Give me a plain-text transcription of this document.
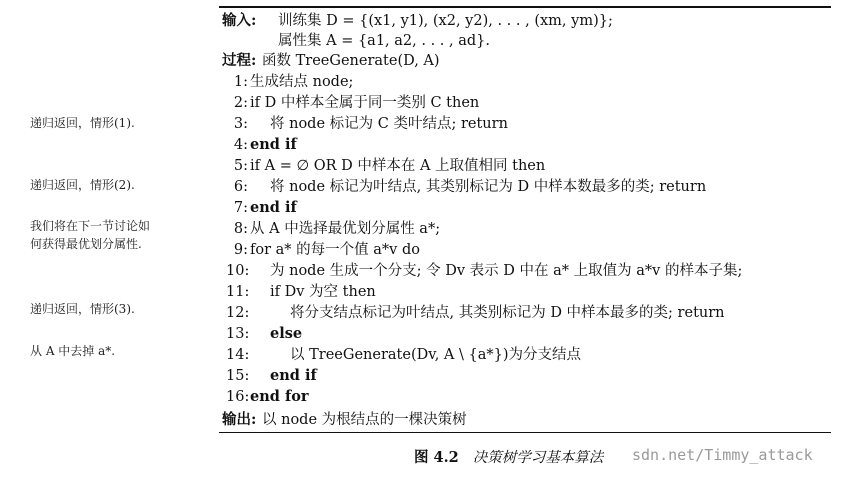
递归返回，情形(1).
递归返回，情形(2).
我们将在下一节讨论如
何获得最优划分属性.
递归返回，情形(3).
从 A 中去掉 a*.
输入: 训练集 D = {(x1, y1), (x2, y2), . . . , (xm, ym)};
属性集 A = {a1, a2, . . . , ad}.
过程: 函数 TreeGenerate(D, A)
1: 生成结点 node;
2: if D 中样本全属于同一类别 C then
3: 将 node 标记为 C 类叶结点; return
4: end if
5: if A = ∅ OR D 中样本在 A 上取值相同 then
6: 将 node 标记为叶结点, 其类别标记为 D 中样本数最多的类; return
7: end if
8: 从 A 中选择最优划分属性 a*;
9: for a* 的每一个值 a*v do
10: 为 node 生成一个分支; 令 Dv 表示 D 中在 a* 上取值为 a*v 的样本子集;
11: if Dv 为空 then
12:	将分支结点标记为叶结点, 其类别标记为 D 中样本最多的类; return
13: else
14:	以 TreeGenerate(Dv, A \ {a*})为分支结点
15: end if
16: end for
输出: 以 node 为根结点的一棵决策树
图 4.2 决策树学习基本算法 sdn.net/Timmy_attack
